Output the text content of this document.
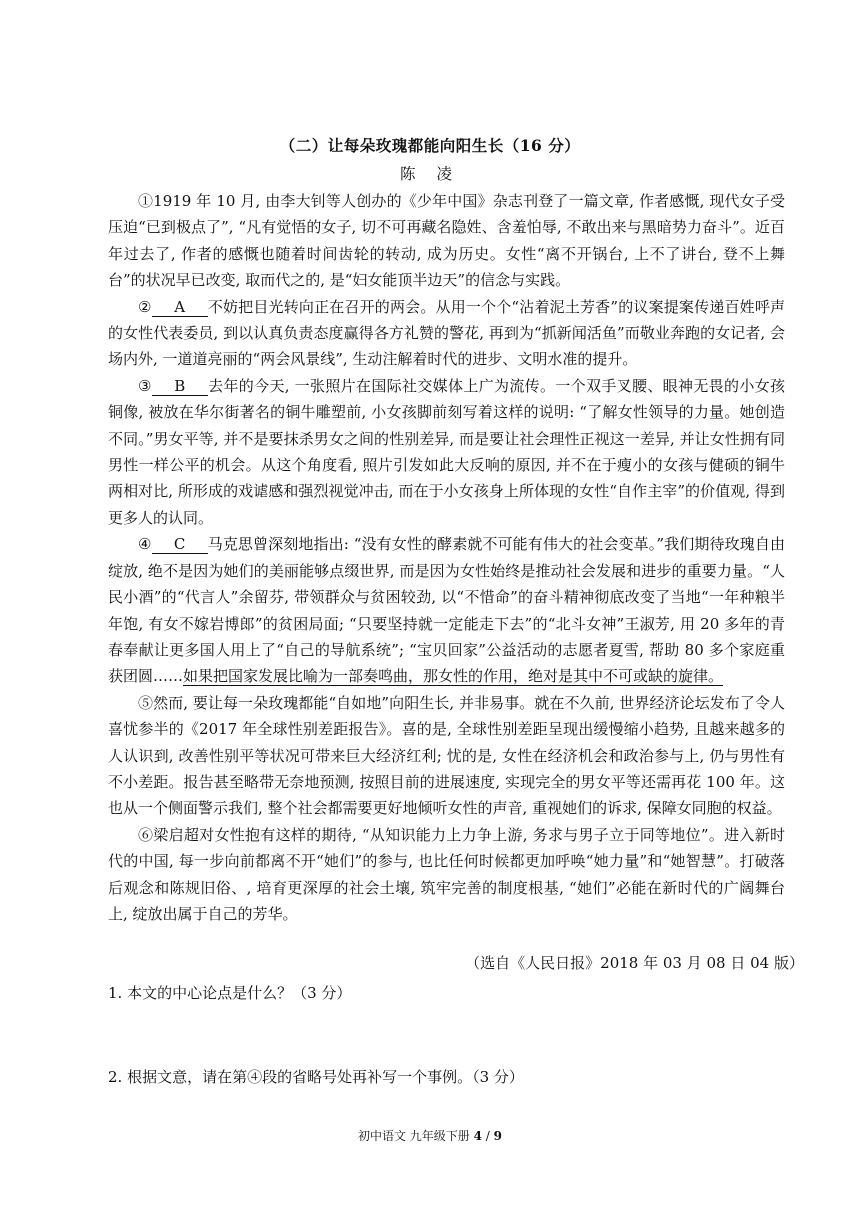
（二）让每朵玫瑰都能向阳生长（16 分）
陈 凌

①1919 年 10 月, 由李大钊等人创办的《少年中国》杂志刊登了一篇文章, 作者感慨, 现代女子受压迫“已到极点了”, “凡有觉悟的女子, 切不可再藏名隐姓、含羞怕辱, 不敢出来与黑暗势力奋斗”。近百年过去了, 作者的感慨也随着时间齿轮的转动, 成为历史。女性“离不开锅台, 上不了讲台, 登不上舞台”的状况早已改变, 取而代之的, 是“妇女能顶半边天”的信念与实践。

② A 不妨把目光转向正在召开的两会。从用一个个“沾着泥土芳香”的议案提案传递百姓呼声的女性代表委员, 到以认真负责态度赢得各方礼赞的警花, 再到为“抓新闻活鱼”而敬业奔跑的女记者, 会场内外, 一道道亮丽的“两会风景线”, 生动注解着时代的进步、文明水准的提升。

③ B 去年的今天, 一张照片在国际社交媒体上广为流传。一个双手叉腰、眼神无畏的小女孩铜像, 被放在华尔街著名的铜牛雕塑前, 小女孩脚前刻写着这样的说明: “了解女性领导的力量。她创造不同。”男女平等, 并不是要抹杀男女之间的性别差异, 而是要让社会理性正视这一差异, 并让女性拥有同男性一样公平的机会。从这个角度看, 照片引发如此大反响的原因, 并不在于瘦小的女孩与健硕的铜牛两相对比, 所形成的戏谑感和强烈视觉冲击, 而在于小女孩身上所体现的女性“自作主宰”的价值观, 得到更多人的认同。

④ C 马克思曾深刻地指出: “没有女性的酵素就不可能有伟大的社会变革。”我们期待玫瑰自由绽放, 绝不是因为她们的美丽能够点缀世界, 而是因为女性始终是推动社会发展和进步的重要力量。“人民小酒”的“代言人”余留芬, 带领群众与贫困较劲, 以“不惜命”的奋斗精神彻底改变了当地“一年种粮半年饱, 有女不嫁岩博郎”的贫困局面; “只要坚持就一定能走下去”的“北斗女神”王淑芳, 用 20 多年的青春奉献让更多国人用上了“自己的导航系统”; “宝贝回家”公益活动的志愿者夏雪, 帮助 80 多个家庭重获团圆……如果把国家发展比喻为一部奏鸣曲，那女性的作用，绝对是其中不可或缺的旋律。

⑤然而, 要让每一朵玫瑰都能“自如地”向阳生长, 并非易事。就在不久前, 世界经济论坛发布了令人喜忧参半的《2017 年全球性别差距报告》。喜的是, 全球性别差距呈现出缓慢缩小趋势, 且越来越多的人认识到, 改善性别平等状况可带来巨大经济红利; 忧的是, 女性在经济机会和政治参与上, 仍与男性有不小差距。报告甚至略带无奈地预测, 按照目前的进展速度, 实现完全的男女平等还需再花 100 年。这也从一个侧面警示我们, 整个社会都需要更好地倾听女性的声音, 重视她们的诉求, 保障女同胞的权益。

⑥梁启超对女性抱有这样的期待, “从知识能力上力争上游, 务求与男子立于同等地位”。进入新时代的中国, 每一步向前都离不开“她们”的参与, 也比任何时候都更加呼唤“她力量”和“她智慧”。打破落后观念和陈规旧俗、, 培育更深厚的社会土壤, 筑牢完善的制度根基, “她们”必能在新时代的广阔舞台上, 绽放出属于自己的芳华。

（选自《人民日报》2018 年 03 月 08 日 04 版）
1. 本文的中心论点是什么？（3 分）
2. 根据文意，请在第④段的省略号处再补写一个事例。（3 分）
初中语文 九年级下册 4 / 9
